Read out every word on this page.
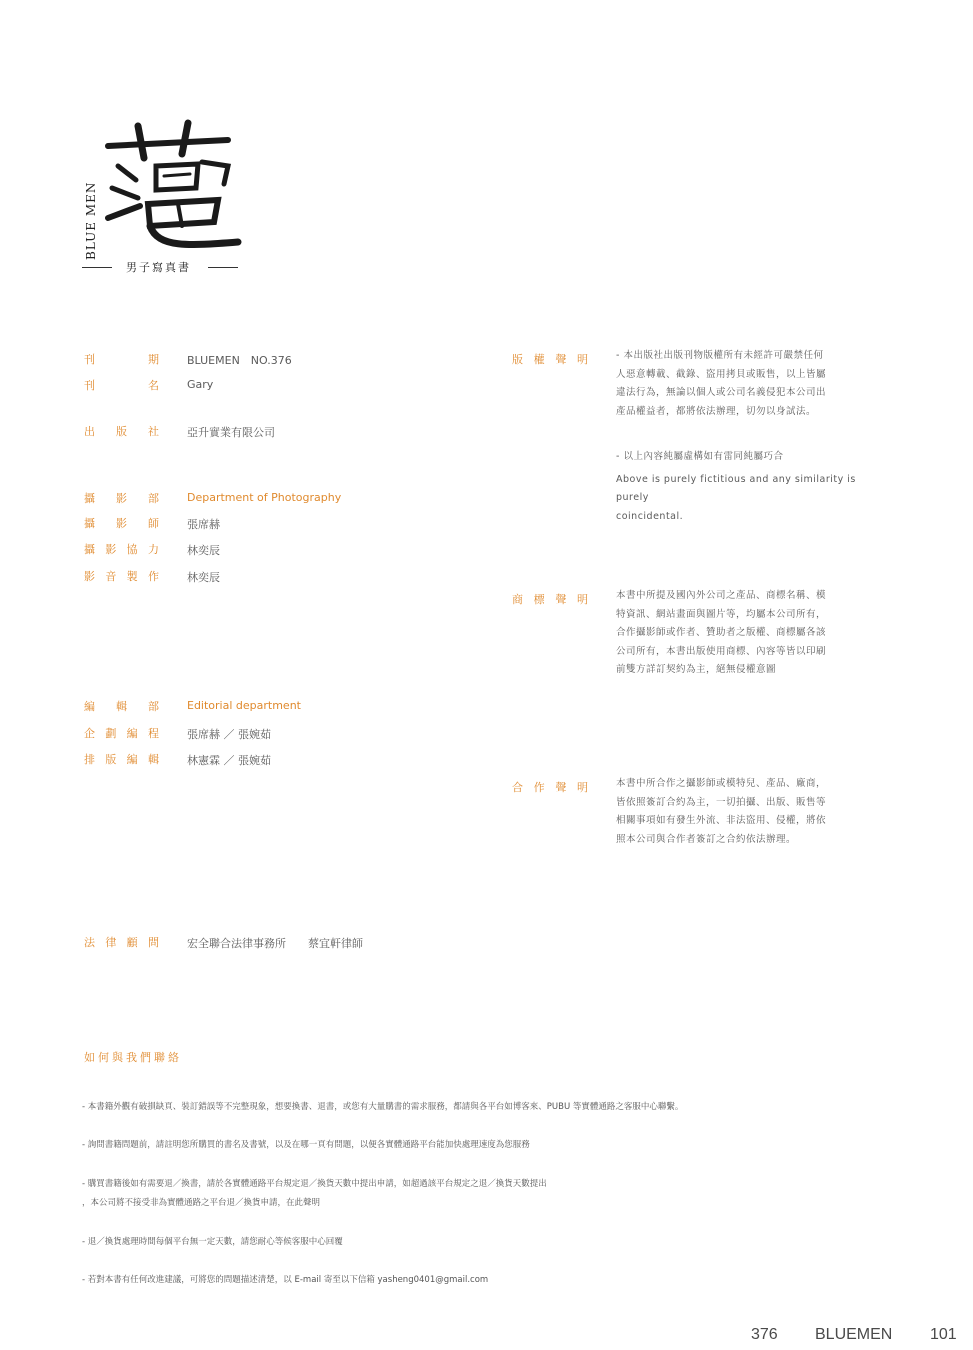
BLUE MEN
男子寫真書
刊	期	BLUEMEN　NO.376
刊	名	Gary
出 版 社	亞升實業有限公司
攝 影 部	Department of Photography
攝 影 師	張席赫
攝 影 協 力	林奕辰
影 音 製 作	林奕辰
編 輯 部	Editorial department
企 劃 編 程	張席赫 ／ 張婉茹
排 版 編 輯	林憲霖 ／ 張婉茹
法 律 顧 問	宏全聯合法律事務所　　蔡宜軒律師
版 權 聲 明	- 本出版社出版刊物版權所有未經許可嚴禁任何
人惡意轉載、截錄、盜用拷貝或販售，以上皆屬
違法行為，無論以個人或公司名義侵犯本公司出
產品權益者，都將依法辦理，切勿以身試法。
- 以上內容純屬虛構如有雷同純屬巧合
Above is purely fictitious and any similarity is purely
coincidental.
商 標 聲 明	本書中所提及國內外公司之產品、商標名稱、模
特資訊、網站畫面與圖片等，均屬本公司所有，
合作攝影師或作者、贊助者之版權、商標屬各該
公司所有，本書出版使用商標、內容等皆以印刷
前雙方詳訂契約為主，絕無侵權意圖
合 作 聲 明	本書中所合作之攝影師或模特兒、產品、廠商，
皆依照簽訂合約為主，一切拍攝、出版、販售等
相關事項如有發生外流、非法盜用、侵權，將依
照本公司與合作者簽訂之合約依法辦理。
如何與我們聯絡
- 本書籍外觀有破損缺頁、裝訂錯誤等不完整現象，想要換書、退書，或您有大量購書的需求服務，都請與各平台如博客來、PUBU 等實體通路之客服中心聯繫。
- 詢問書籍問題前，請註明您所購買的書名及書號，以及在哪一頁有問題，以便各實體通路平台能加快處理速度為您服務
- 購買書籍後如有需要退／換書，請於各實體通路平台規定退／換貨天數中提出申請，如超過該平台規定之退／換貨天數提出
，本公司將不接受非為實體通路之平台退／換貨申請，在此聲明
- 退／換貨處理時間每個平台無一定天數，請您耐心等候客服中心回覆
- 若對本書有任何改進建議，可將您的問題描述清楚，以 E-mail 寄至以下信箱 yasheng0401@gmail.com
376 BLUEMEN 101
